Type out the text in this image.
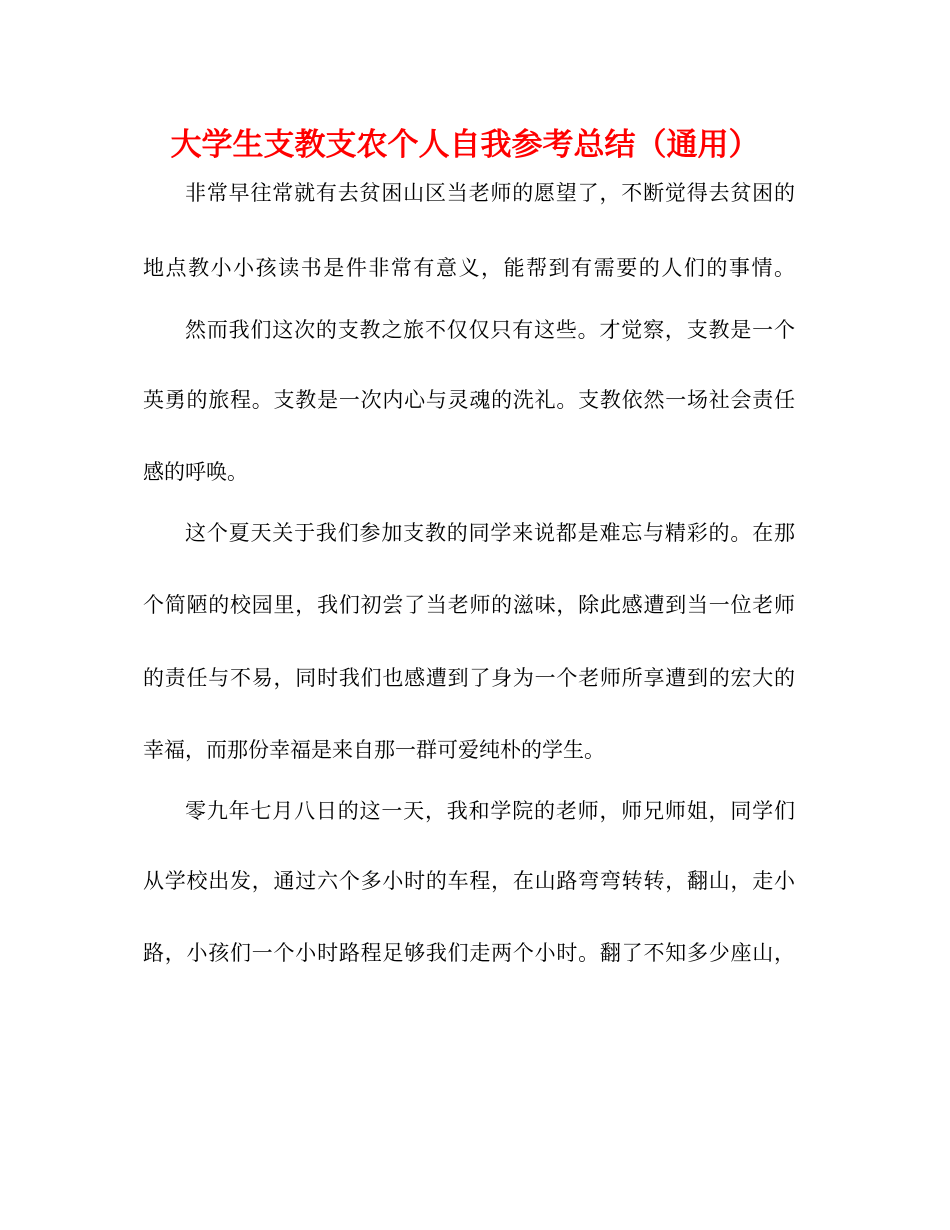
大学生支教支农个人自我参考总结（通用）

非常早往常就有去贫困山区当老师的愿望了，不断觉得去贫困的

地点教小小孩读书是件非常有意义，能帮到有需要的人们的事情。

然而我们这次的支教之旅不仅仅只有这些。才觉察，支教是一个

英勇的旅程。支教是一次内心与灵魂的洗礼。支教依然一场社会责任

感的呼唤。

这个夏天关于我们参加支教的同学来说都是难忘与精彩的。在那

个简陋的校园里，我们初尝了当老师的滋味，除此感遭到当一位老师

的责任与不易，同时我们也感遭到了身为一个老师所享遭到的宏大的

幸福，而那份幸福是来自那一群可爱纯朴的学生。

零九年七月八日的这一天，我和学院的老师，师兄师姐，同学们

从学校出发，通过六个多小时的车程，在山路弯弯转转，翻山，走小

路，小孩们一个小时路程足够我们走两个小时。翻了不知多少座山，
